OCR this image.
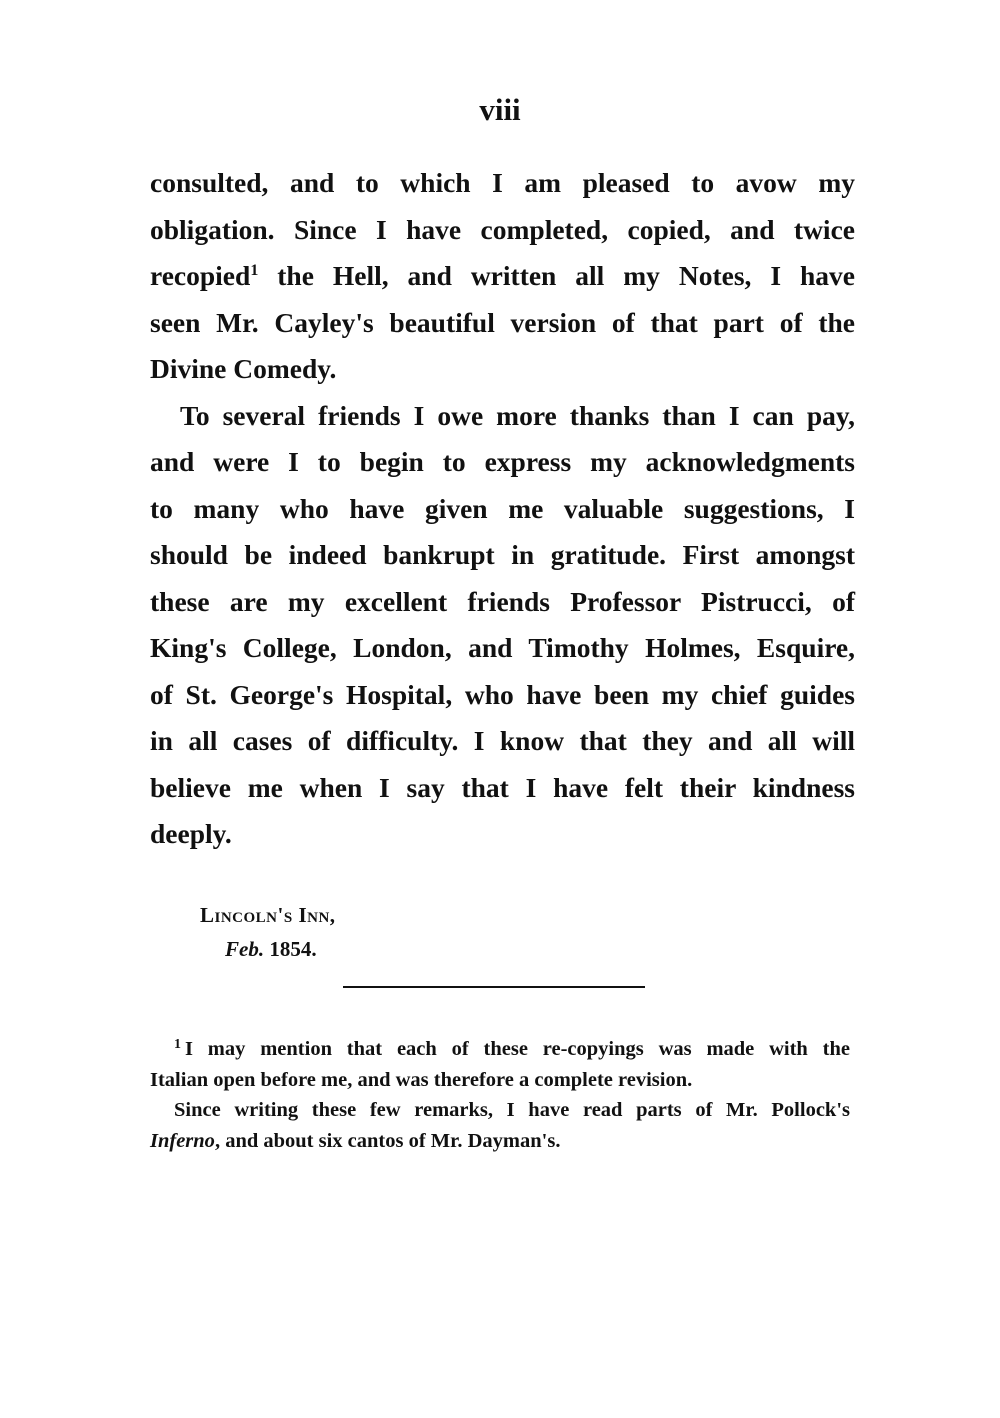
viii
consulted, and to which I am pleased to avow my
obligation. Since I have completed, copied, and twice
recopied$^1$ the Hell, and written all my Notes, I have
seen Mr. Cayley's beautiful version of that part of the
Divine Comedy.
To several friends I owe more thanks than I can pay,
and were I to begin to express my acknowledgments
to many who have given me valuable suggestions, I
should be indeed bankrupt in gratitude. First amongst
these are my excellent friends Professor Pistrucci, of
King's College, London, and Timothy Holmes, Esquire,
of St. George's Hospital, who have been my chief guides
in all cases of difficulty. I know that they and all will
believe me when I say that I have felt their kindness
deeply.
Lincoln's Inn,
Feb. 1854.
$^1$ I may mention that each of these re-copyings was made with the
Italian open before me, and was therefore a complete revision.
Since writing these few remarks, I have read parts of Mr. Pollock's
Inferno, and about six cantos of Mr. Dayman's.
